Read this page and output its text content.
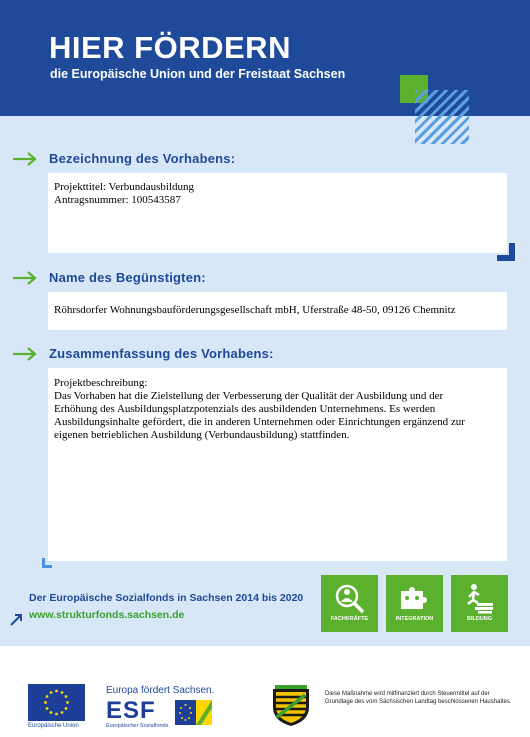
HIER FÖRDERN
die Europäische Union und der Freistaat Sachsen
Bezeichnung des Vorhabens:
Projekttitel: Verbundausbildung
Antragsnummer: 100543587
Name des Begünstigten:
Röhrsdorfer Wohnungsbauförderungsgesellschaft mbH, Uferstraße 48-50, 09126 Chemnitz
Zusammenfassung des Vorhabens:
Projektbeschreibung:
Das Vorhaben hat die Zielstellung der Verbesserung der Qualität der Ausbildung und der
Erhöhung des Ausbildungsplatzpotenzials des ausbildenden Unternehmens. Es werden
Ausbildungsinhalte gefördert, die in anderen Unternehmen oder Einrichtungen ergänzend zur
eigenen betrieblichen Ausbildung (Verbundausbildung) stattfinden.
Der Europäische Sozialfonds in Sachsen 2014 bis 2020
www.strukturfonds.sachsen.de	FACHKRÄFTE	INTEGRATION	BILDUNG
Europäische Union
Europa fördert Sachsen.
ESF
Europäischer Sozialfonds
Diese Maßnahme wird mitfinanziert durch Steuermittel auf der Grundlage des vom Sächsischen Landtag beschlossenen Haushaltes.
